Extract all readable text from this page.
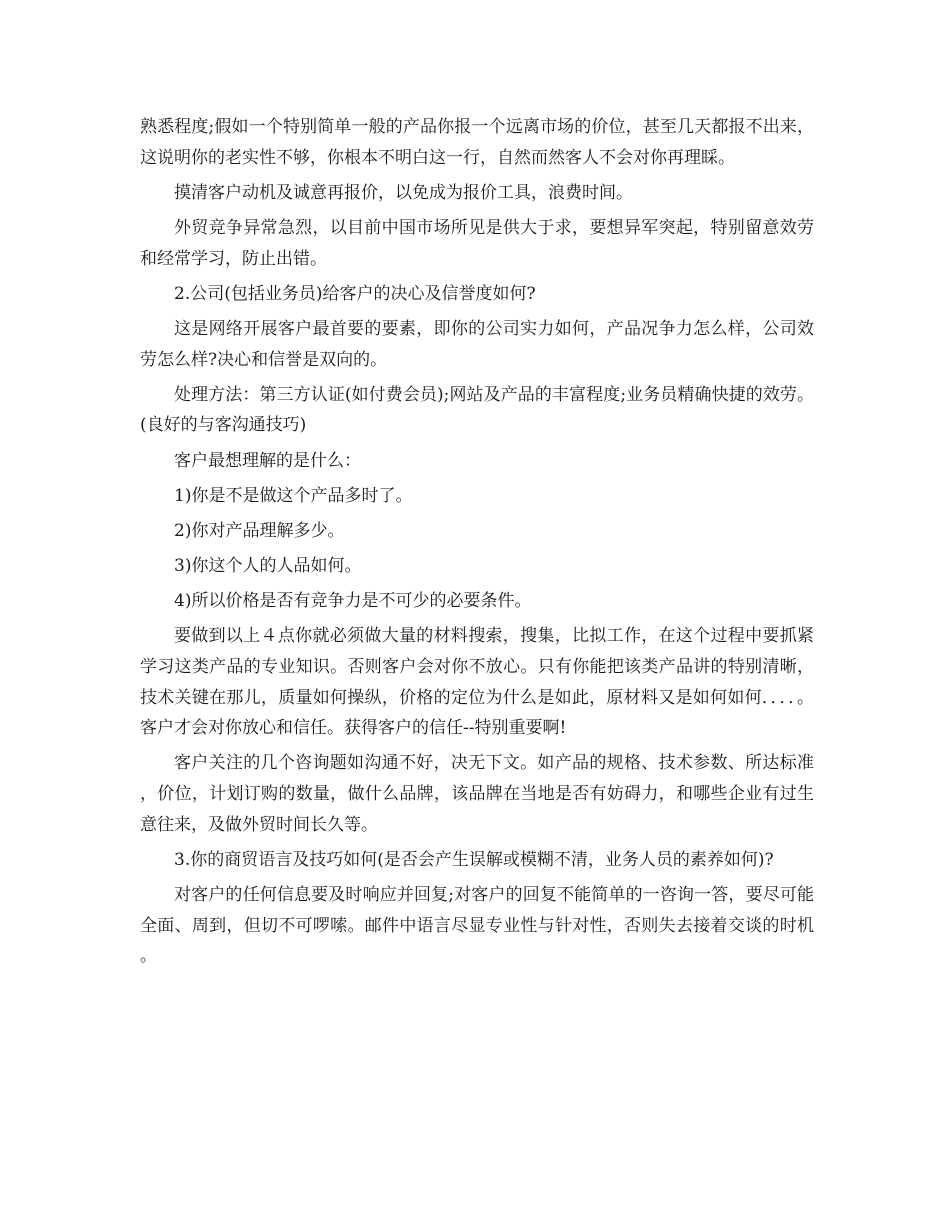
熟悉程度;假如一个特别简单一般的产品你报一个远离市场的价位，甚至几天都报不出来，这说明你的老实性不够，你根本不明白这一行，自然而然客人不会对你再理睬。

摸清客户动机及诚意再报价，以免成为报价工具，浪费时间。

外贸竞争异常急烈，以目前中国市场所见是供大于求，要想异军突起，特别留意效劳和经常学习，防止出错。

2.公司(包括业务员)给客户的决心及信誉度如何?

这是网络开展客户最首要的要素，即你的公司实力如何，产品况争力怎么样，公司效劳怎么样?决心和信誉是双向的。

处理方法：第三方认证(如付费会员);网站及产品的丰富程度;业务员精确快捷的效劳。(良好的与客沟通技巧)

客户最想理解的是什么：

1)你是不是做这个产品多时了。

2)你对产品理解多少。

3)你这个人的人品如何。

4)所以价格是否有竞争力是不可少的必要条件。

要做到以上４点你就必须做大量的材料搜索，搜集，比拟工作，在这个过程中要抓紧学习这类产品的专业知识。否则客户会对你不放心。只有你能把该类产品讲的特别清晰，技术关键在那儿，质量如何操纵，价格的定位为什么是如此，原材料又是如何如何．．．．。客户才会对你放心和信任。获得客户的信任--特别重要啊!

客户关注的几个咨询题如沟通不好，决无下文。如产品的规格、技术参数、所达标准，价位，计划订购的数量，做什么品牌，该品牌在当地是否有妨碍力，和哪些企业有过生意往来，及做外贸时间长久等。

3.你的商贸语言及技巧如何(是否会产生误解或模糊不清，业务人员的素养如何)?

对客户的任何信息要及时响应并回复;对客户的回复不能简单的一咨询一答，要尽可能全面、周到，但切不可啰嗦。邮件中语言尽显专业性与针对性，否则失去接着交谈的时机。
